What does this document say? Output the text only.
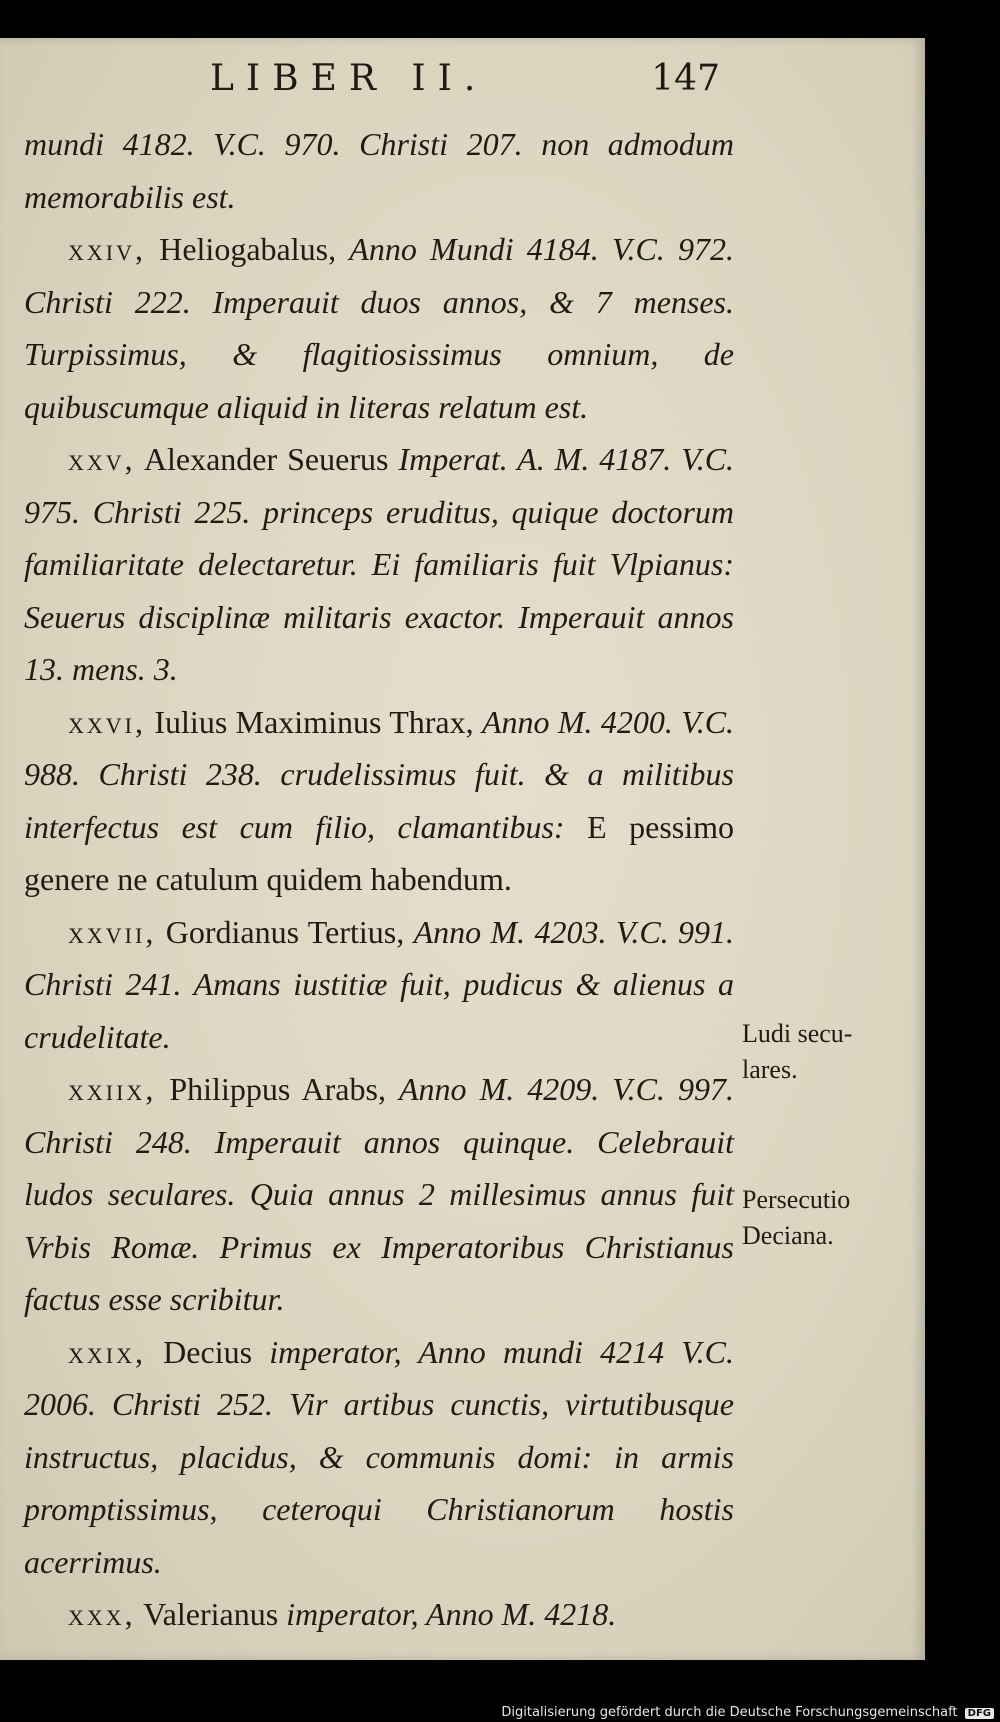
LIBER II.	147

mundi 4182. V.C. 970. Christi 207. non admodum memorabilis est.

xxiv, Heliogabalus, Anno Mundi 4184. V.C. 972. Christi 222. Imperauit duos annos, & 7 menses. Turpissimus, & flagitiosissimus omnium, de quibuscumque aliquid in literas relatum est.

xxv, Alexander Seuerus Imperat. A. M. 4187. V.C. 975. Christi 225. princeps eruditus, quique doctorum familiaritate delectaretur. Ei familiaris fuit Vlpianus: Seuerus disciplinæ militaris exactor. Imperauit annos 13. mens. 3.

xxvi, Iulius Maximinus Thrax, Anno M. 4200. V.C. 988. Christi 238. crudelissimus fuit. & a militibus interfectus est cum filio, clamantibus: E pessimo genere ne catulum quidem habendum.

xxvii, Gordianus Tertius, Anno M. 4203. V.C. 991. Christi 241. Amans iustitiæ fuit, pudicus & alienus a crudelitate.

xxiix, Philippus Arabs, Anno M. 4209. V.C. 997. Christi 248. Imperauit annos quinque. Celebrauit ludos seculares. Quia annus 2 millesimus annus fuit Vrbis Romæ. Primus ex Imperatoribus Christianus factus esse scribitur.

xxix, Decius imperator, Anno mundi 4214 V.C. 2006. Christi 252. Vir artibus cunctis, virtutibusque instructus, placidus, & communis domi: in armis promptissimus, ceteroqui Christianorum hostis acerrimus.

xxx, Valerianus imperator, Anno M. 4218.

Ludi secu-
lares.
Persecutio
Deciana.
Digitalisierung gefördert durch die Deutsche Forschungsgemeinschaft DFG
